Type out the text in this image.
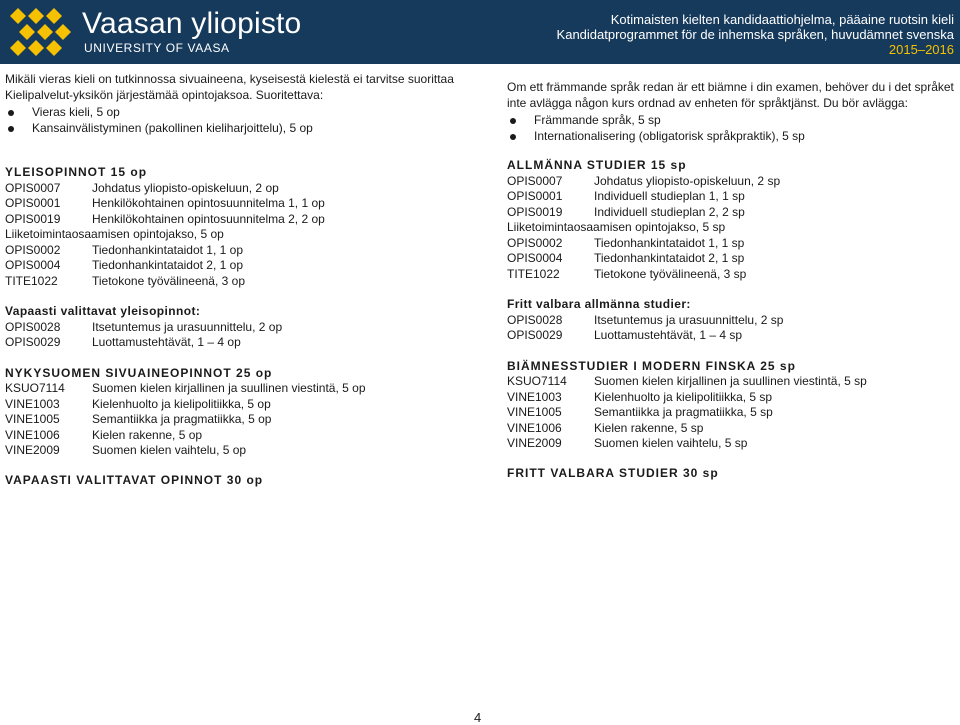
Vaasan yliopisto
UNIVERSITY OF VAASA
Kotimaisten kielten kandidaattiohjelma, pääaine ruotsin kieli
Kandidatprogrammet för de inhemska språken, huvudämnet svenska
2015–2016

Mikäli vieras kieli on tutkinnossa sivuaineena, kyseisestä kielestä ei tarvitse suorittaa Kielipalvelut-yksikön järjestämää opintojaksoa. Suoritettava:

Vieras kieli, 5 op
Kansainvälistyminen (pakollinen kieliharjoittelu), 5 op

YLEISOPINNOT 15 op

OPIS0007	Johdatus yliopisto-opiskeluun, 2 op
OPIS0001	Henkilökohtainen opintosuunnitelma 1, 1 op
OPIS0019	Henkilökohtainen opintosuunnitelma 2, 2 op

Liiketoimintaosaamisen opintojakso, 5 op

OPIS0002	Tiedonhankintataidot 1, 1 op
OPIS0004	Tiedonhankintataidot 2, 1 op
TITE1022	Tietokone työvälineenä, 3 op

Vapaasti valittavat yleisopinnot:

OPIS0028	Itsetuntemus ja urasuunnittelu, 2 op
OPIS0029	Luottamustehtävät, 1 – 4 op

NYKYSUOMEN SIVUAINEOPINNOT 25 op

KSUO7114	Suomen kielen kirjallinen ja suullinen viestintä, 5 op
VINE1003	Kielenhuolto ja kielipolitiikka, 5 op
VINE1005	Semantiikka ja pragmatiikka, 5 op
VINE1006	Kielen rakenne, 5 op
VINE2009	Suomen kielen vaihtelu, 5 op

VAPAASTI VALITTAVAT OPINNOT 30 op

Om ett främmande språk redan är ett biämne i din examen, behöver du i det språket inte avlägga någon kurs ordnad av enheten för språktjänst. Du bör avlägga:

Främmande språk, 5 sp
Internationalisering (obligatorisk språkpraktik), 5 sp

ALLMÄNNA STUDIER 15 sp

OPIS0007	Johdatus yliopisto-opiskeluun, 2 sp
OPIS0001	Individuell studieplan 1, 1 sp
OPIS0019	Individuell studieplan 2, 2 sp

Liiketoimintaosaamisen opintojakso, 5 sp

OPIS0002	Tiedonhankintataidot 1, 1 sp
OPIS0004	Tiedonhankintataidot 2, 1 sp
TITE1022	Tietokone työvälineenä, 3 sp

Fritt valbara allmänna studier:

OPIS0028	Itsetuntemus ja urasuunnittelu, 2 sp
OPIS0029	Luottamustehtävät, 1 – 4 sp

BIÄMNESSTUDIER I MODERN FINSKA 25 sp

KSUO7114	Suomen kielen kirjallinen ja suullinen viestintä, 5 sp
VINE1003	Kielenhuolto ja kielipolitiikka, 5 sp
VINE1005	Semantiikka ja pragmatiikka, 5 sp
VINE1006	Kielen rakenne, 5 sp
VINE2009	Suomen kielen vaihtelu, 5 sp

FRITT VALBARA STUDIER 30 sp

4
